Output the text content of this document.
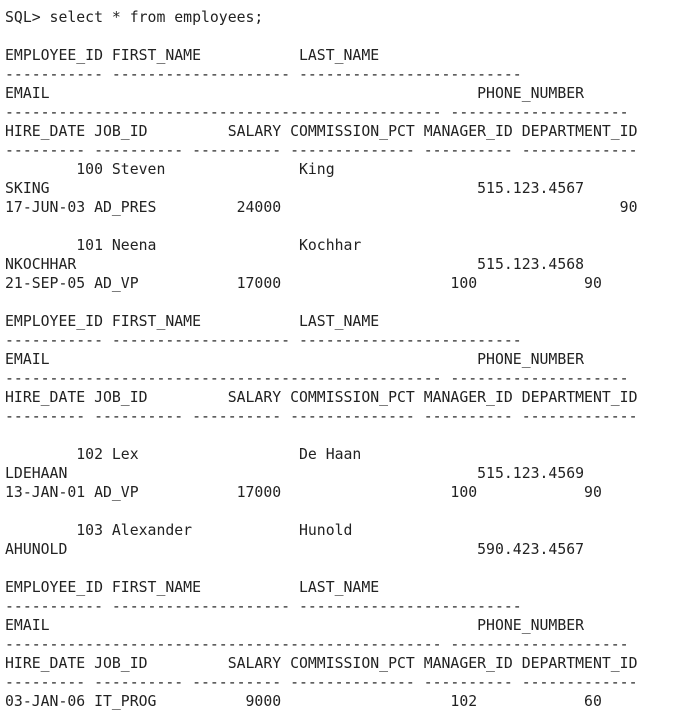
SQL> select * from employees;
EMPLOYEE_ID FIRST_NAME           LAST_NAME
----------- -------------------- -------------------------
EMAIL                                                PHONE_NUMBER
------------------------------------------------- --------------------
HIRE_DATE JOB_ID         SALARY COMMISSION_PCT MANAGER_ID DEPARTMENT_ID
--------- ---------- ---------- -------------- ---------- -------------
100 Steven               King
SKING                                                515.123.4567
17-JUN-03 AD_PRES         24000                                      90
101 Neena                Kochhar
NKOCHHAR                                             515.123.4568
21-SEP-05 AD_VP           17000                   100            90
EMPLOYEE_ID FIRST_NAME           LAST_NAME
----------- -------------------- -------------------------
EMAIL                                                PHONE_NUMBER
------------------------------------------------- --------------------
HIRE_DATE JOB_ID         SALARY COMMISSION_PCT MANAGER_ID DEPARTMENT_ID
--------- ---------- ---------- -------------- ---------- -------------
102 Lex                  De Haan
LDEHAAN                                              515.123.4569
13-JAN-01 AD_VP           17000                   100            90
103 Alexander            Hunold
AHUNOLD                                              590.423.4567
EMPLOYEE_ID FIRST_NAME           LAST_NAME
----------- -------------------- -------------------------
EMAIL                                                PHONE_NUMBER
------------------------------------------------- --------------------
HIRE_DATE JOB_ID         SALARY COMMISSION_PCT MANAGER_ID DEPARTMENT_ID
--------- ---------- ---------- -------------- ---------- -------------
03-JAN-06 IT_PROG          9000                   102            60
